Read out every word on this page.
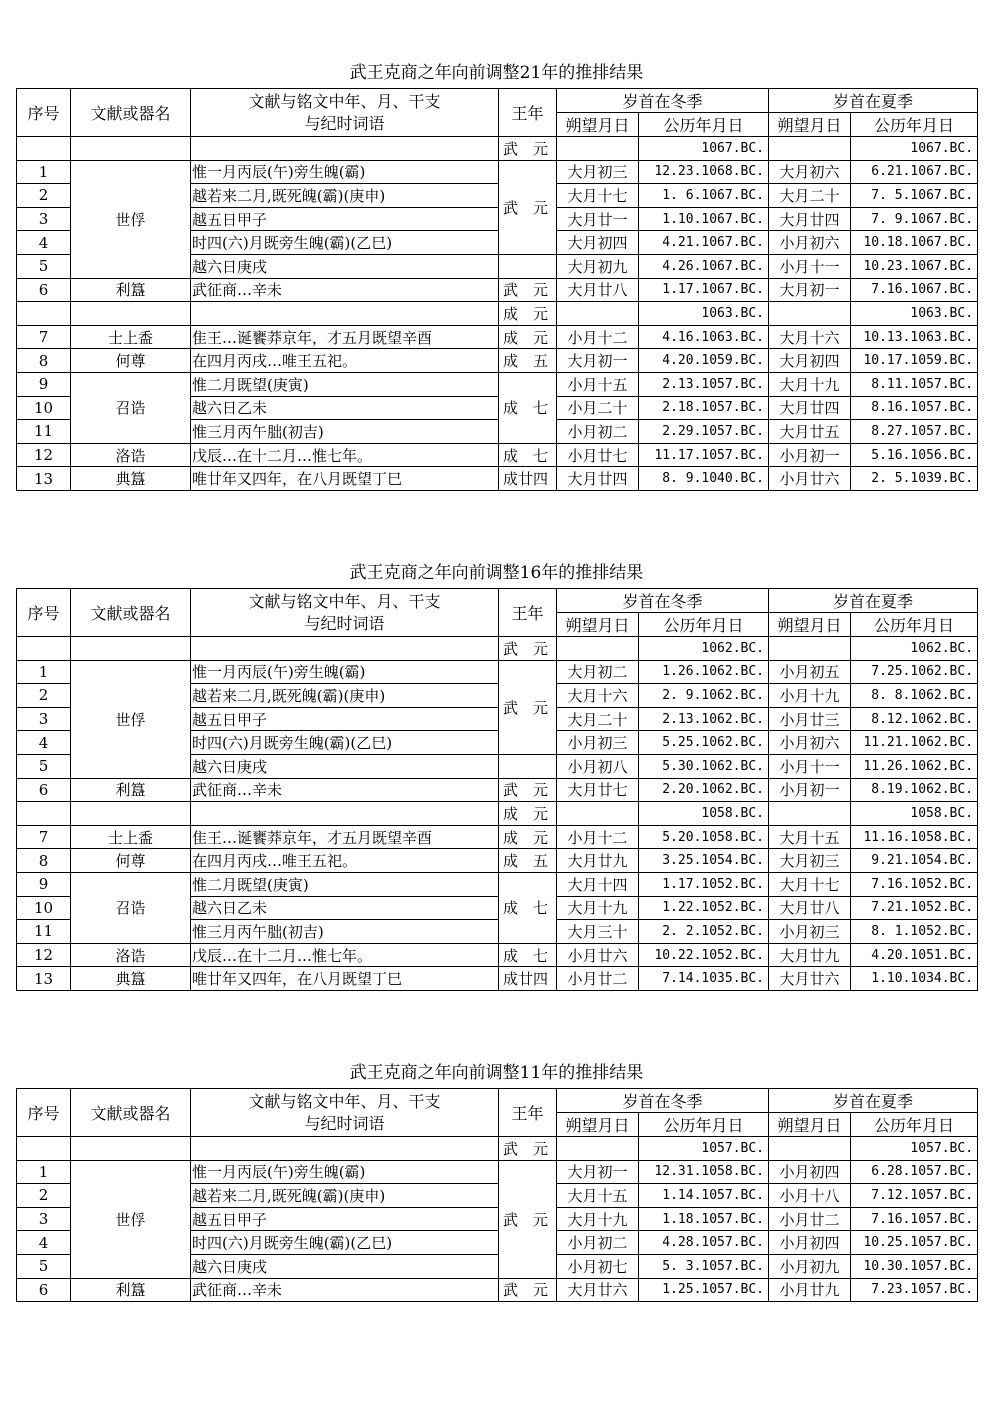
武王克商之年向前调整21年的推排结果
序号	文献或器名	文献与铭文中年、月、干支
与纪时词语	王年	岁首在冬季		岁首在夏季	
				朔望月日	公历年月日	朔望月日	公历年月日
			武　元		1067.BC.		1067.BC.
1	世俘	惟一月丙辰(午)旁生魄(霸)	武　元	大月初三	12.23.1068.BC.	大月初六	6.21.1067.BC.
2		越若来二月,既死魄(霸)(庚申)		大月十七	1. 6.1067.BC.	大月二十	7. 5.1067.BC.
3		越五日甲子		大月廿一	1.10.1067.BC.	大月廿四	7. 9.1067.BC.
4		时四(六)月既旁生魄(霸)(乙巳)		大月初四	4.21.1067.BC.	小月初六	10.18.1067.BC.
5		越六日庚戌		大月初九	4.26.1067.BC.	小月十一	10.23.1067.BC.
6	利簋	武征商…辛未	武　元	大月廿八	1.17.1067.BC.	大月初一	7.16.1067.BC.
			成　元		1063.BC.		1063.BC.
7	士上盉	隹王…诞饔莽京年，才五月既望辛酉	成　元	小月十二	4.16.1063.BC.	大月十六	10.13.1063.BC.
8	何尊	在四月丙戌…唯王五祀。	成　五	大月初一	4.20.1059.BC.	大月初四	10.17.1059.BC.
9	召诰	惟二月既望(庚寅)	成　七	小月十五	2.13.1057.BC.	大月十九	8.11.1057.BC.
10		越六日乙未		小月二十	2.18.1057.BC.	大月廿四	8.16.1057.BC.
11		惟三月丙午朏(初吉)		小月初二	2.29.1057.BC.	大月廿五	8.27.1057.BC.
12	洛诰	戊辰…在十二月…惟七年。	成　七	小月廿七	11.17.1057.BC.	小月初一	5.16.1056.BC.
13	典簋	唯廿年又四年，在八月既望丁巳	成廿四	大月廿四	8. 9.1040.BC.	小月廿六	2. 5.1039.BC.
武王克商之年向前调整16年的推排结果
序号	文献或器名	文献与铭文中年、月、干支
与纪时词语	王年	岁首在冬季		岁首在夏季	
				朔望月日	公历年月日	朔望月日	公历年月日
			武　元		1062.BC.		1062.BC.
1	世俘	惟一月丙辰(午)旁生魄(霸)	武　元	大月初二	1.26.1062.BC.	小月初五	7.25.1062.BC.
2		越若来二月,既死魄(霸)(庚申)		大月十六	2. 9.1062.BC.	小月十九	8. 8.1062.BC.
3		越五日甲子		大月二十	2.13.1062.BC.	小月廿三	8.12.1062.BC.
4		时四(六)月既旁生魄(霸)(乙巳)		小月初三	5.25.1062.BC.	小月初六	11.21.1062.BC.
5		越六日庚戌		小月初八	5.30.1062.BC.	小月十一	11.26.1062.BC.
6	利簋	武征商…辛未	武　元	大月廿七	2.20.1062.BC.	小月初一	8.19.1062.BC.
			成　元		1058.BC.		1058.BC.
7	士上盉	隹王…诞饔莽京年，才五月既望辛酉	成　元	小月十二	5.20.1058.BC.	大月十五	11.16.1058.BC.
8	何尊	在四月丙戌…唯王五祀。	成　五	大月廿九	3.25.1054.BC.	大月初三	9.21.1054.BC.
9	召诰	惟二月既望(庚寅)	成　七	大月十四	1.17.1052.BC.	大月十七	7.16.1052.BC.
10		越六日乙未		大月十九	1.22.1052.BC.	大月廿八	7.21.1052.BC.
11		惟三月丙午朏(初吉)		大月三十	2. 2.1052.BC.	小月初三	8. 1.1052.BC.
12	洛诰	戊辰…在十二月…惟七年。	成　七	小月廿六	10.22.1052.BC.	大月廿九	4.20.1051.BC.
13	典簋	唯廿年又四年，在八月既望丁巳	成廿四	小月廿二	7.14.1035.BC.	大月廿六	1.10.1034.BC.
武王克商之年向前调整11年的推排结果
序号	文献或器名	文献与铭文中年、月、干支
与纪时词语	王年	岁首在冬季		岁首在夏季	
				朔望月日	公历年月日	朔望月日	公历年月日
			武　元		1057.BC.		1057.BC.
1	世俘	惟一月丙辰(午)旁生魄(霸)	武　元	大月初一	12.31.1058.BC.	小月初四	6.28.1057.BC.
2		越若来二月,既死魄(霸)(庚申)		大月十五	1.14.1057.BC.	小月十八	7.12.1057.BC.
3		越五日甲子		大月十九	1.18.1057.BC.	小月廿二	7.16.1057.BC.
4		时四(六)月既旁生魄(霸)(乙巳)		小月初二	4.28.1057.BC.	小月初四	10.25.1057.BC.
5		越六日庚戌		小月初七	5. 3.1057.BC.	小月初九	10.30.1057.BC.
6	利簋	武征商…辛未	武　元	大月廿六	1.25.1057.BC.	小月廿九	7.23.1057.BC.
